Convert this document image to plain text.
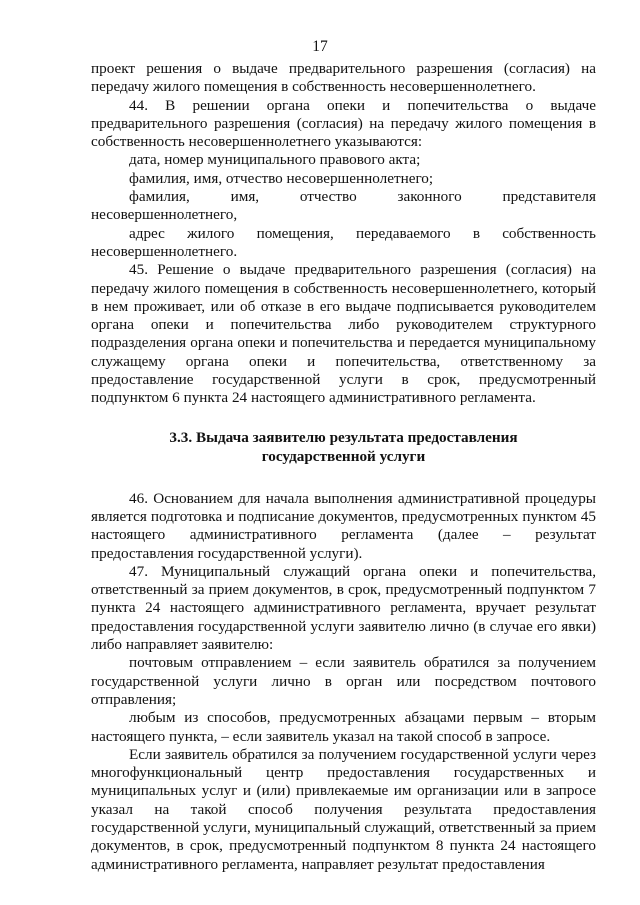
17

проект решения о выдаче предварительного разрешения (согласия) на передачу жилого помещения в собственность несовершеннолетнего.

44. В решении органа опеки и попечительства о выдаче предварительного разрешения (согласия) на передачу жилого помещения в собственность несовершеннолетнего указываются:

дата, номер муниципального правового акта;

фамилия, имя, отчество несовершеннолетнего;

фамилия, имя, отчество законного представителя несовершеннолетнего,

адрес жилого помещения, передаваемого в собственность несовершеннолетнего.

45. Решение о выдаче предварительного разрешения (согласия) на передачу жилого помещения в собственность несовершеннолетнего, который в нем проживает, или об отказе в его выдаче подписывается руководителем органа опеки и попечительства либо руководителем структурного подразделения органа опеки и попечительства и передается муниципальному служащему органа опеки и попечительства, ответственному за предоставление государственной услуги в срок, предусмотренный подпунктом 6 пункта 24 настоящего административного регламента.

3.3. Выдача заявителю результата предоставления государственной услуги

46. Основанием для начала выполнения административной процедуры является подготовка и подписание документов, предусмотренных пунктом 45 настоящего административного регламента (далее – результат предоставления государственной услуги).

47. Муниципальный служащий органа опеки и попечительства, ответственный за прием документов, в срок, предусмотренный подпунктом 7 пункта 24 настоящего административного регламента, вручает результат предоставления государственной услуги заявителю лично (в случае его явки) либо направляет заявителю:

почтовым отправлением – если заявитель обратился за получением государственной услуги лично в орган или посредством почтового отправления;

любым из способов, предусмотренных абзацами первым – вторым настоящего пункта, – если заявитель указал на такой способ в запросе.

Если заявитель обратился за получением государственной услуги через многофункциональный центр предоставления государственных и муниципальных услуг и (или) привлекаемые им организации или в запросе указал на такой способ получения результата предоставления государственной услуги, муниципальный служащий, ответственный за прием документов, в срок, предусмотренный подпунктом 8 пункта 24 настоящего административного регламента, направляет результат предоставления
